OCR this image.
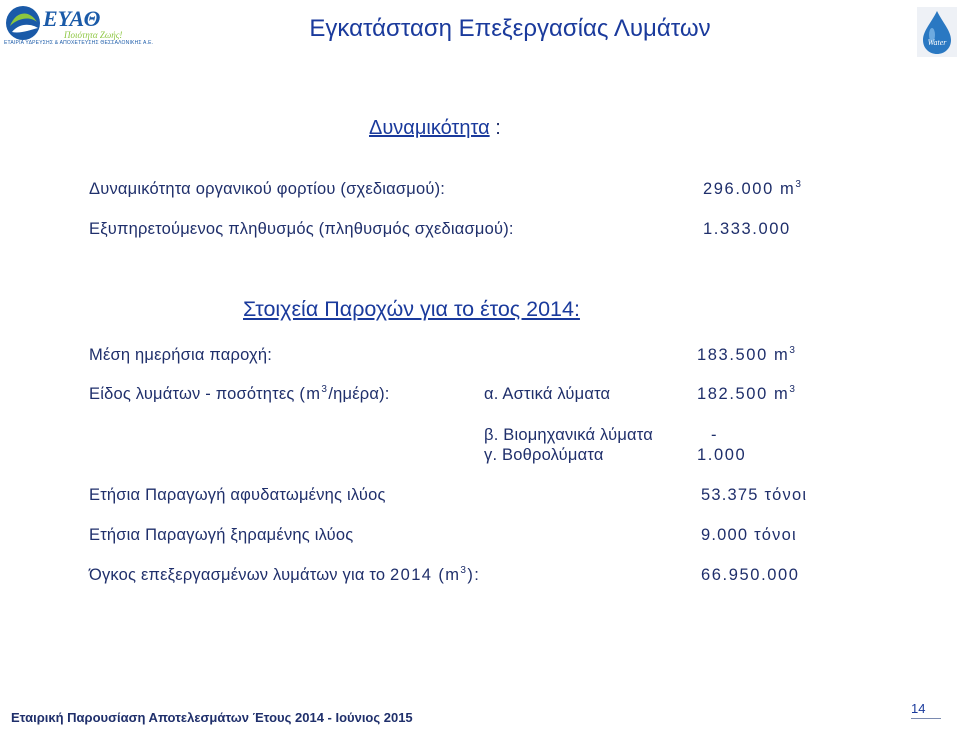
ΕΥΑΘ
Ποιότητα Ζωής!
ΕΤΑΙΡΙΑ ΥΔΡΕΥΣΗΣ & ΑΠΟΧΕΤΕΥΣΗΣ ΘΕΣΣΑΛΟΝΙΚΗΣ Α.Ε.
Εγκατάσταση Επεξεργασίας Λυμάτων
Water
Δυναμικότητα :
Δυναμικότητα οργανικού φορτίου (σχεδιασμού):	296.000 $m^3$
Εξυπηρετούμενος πληθυσμός (πληθυσμός σχεδιασμού):	1.333.000
Στοιχεία Παροχών για το έτος 2014:
Μέση ημερήσια παροχή:	183.500 $m^3$
Είδος λυμάτων - ποσότητες $(m^3/\eta\mu έ\rho\alpha)$:	α. Αστικά λύματα	182.500 $m^3$
β. Βιομηχανικά λύματα	-
γ. Βοθρολύματα	1.000
Ετήσια Παραγωγή αφυδατωμένης ιλύος	53.375 τόνοι
Ετήσια Παραγωγή ξηραμένης ιλύος	9.000 τόνοι
Όγκος επεξεργασμένων λυμάτων για το 2014 $(m^3)$:	66.950.000
Εταιρική Παρουσίαση Αποτελεσμάτων Έτους 2014 - Ιούνιος 2015
14
